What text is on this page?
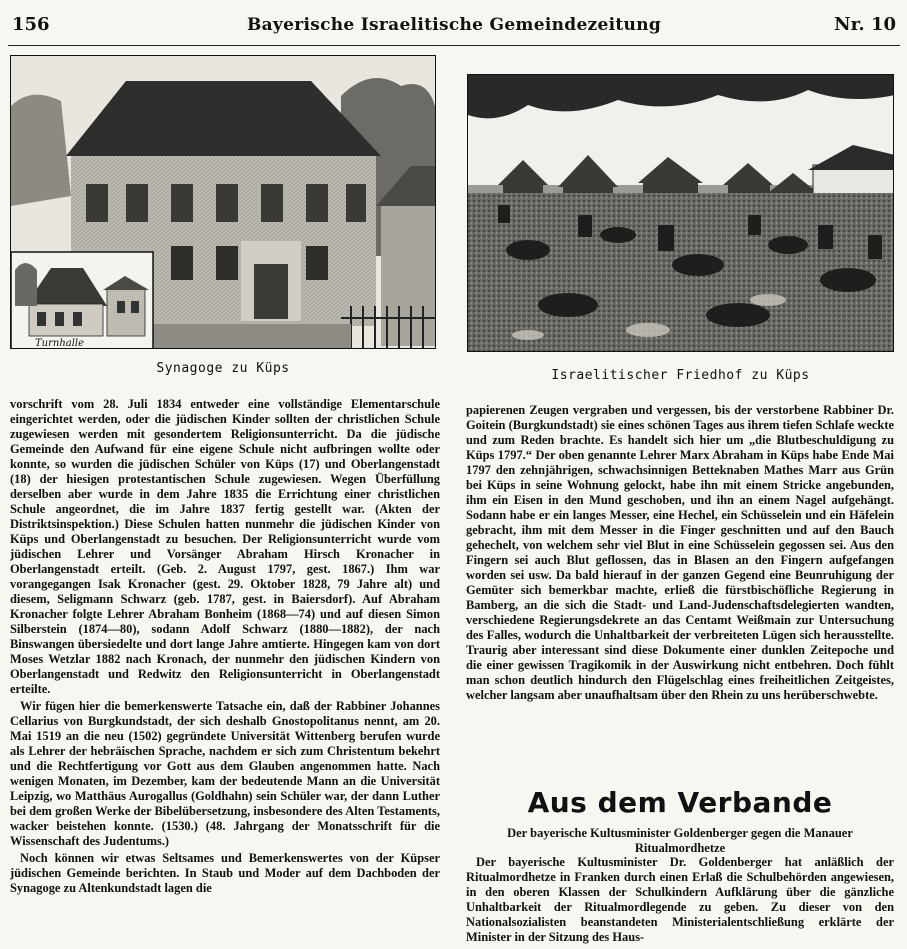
156	Bayerische Israelitische Gemeindezeitung	Nr. 10
Turnhalle
Synagoge zu Küps	Israelitischer Friedhof zu Küps

vorschrift vom 28. Juli 1834 entweder eine vollständige Elementarschule eingerichtet werden, oder die jüdischen Kinder sollten der christlichen Schule zugewiesen werden mit gesondertem Religionsunterricht. Da die jüdische Gemeinde den Aufwand für eine eigene Schule nicht aufbringen wollte oder konnte, so wurden die jüdischen Schüler von Küps (17) und Oberlangenstadt (18) der hiesigen protestantischen Schule zugewiesen. Wegen Überfüllung derselben aber wurde in dem Jahre 1835 die Errichtung einer christlichen Schule angeordnet, die im Jahre 1837 fertig gestellt war. (Akten der Distriktsinspektion.) Diese Schulen hatten nunmehr die jüdischen Kinder von Küps und Oberlangenstadt zu besuchen. Der Religionsunterricht wurde vom jüdischen Lehrer und Vorsänger Abraham Hirsch Kronacher in Oberlangenstadt erteilt. (Geb. 2. August 1797, gest. 1867.) Ihm war vorangegangen Isak Kronacher (gest. 29. Oktober 1828, 79 Jahre alt) und diesem, Seligmann Schwarz (geb. 1787, gest. in Baiersdorf). Auf Abraham Kronacher folgte Lehrer Abraham Bonheim (1868—74) und auf diesen Simon Silberstein (1874—80), sodann Adolf Schwarz (1880—1882), der nach Binswangen übersiedelte und dort lange Jahre amtierte. Hingegen kam von dort Moses Wetzlar 1882 nach Kronach, der nunmehr den jüdischen Kindern von Oberlangenstadt und Redwitz den Religionsunterricht in Oberlangenstadt erteilte.

Wir fügen hier die bemerkenswerte Tatsache ein, daß der Rabbiner Johannes Cellarius von Burgkundstadt, der sich deshalb Gnostopolitanus nennt, am 20. Mai 1519 an die neu (1502) gegründete Universität Wittenberg berufen wurde als Lehrer der hebräischen Sprache, nachdem er sich zum Christentum bekehrt und die Rechtfertigung vor Gott aus dem Glauben angenommen hatte. Nach wenigen Monaten, im Dezember, kam der bedeutende Mann an die Universität Leipzig, wo Matthäus Aurogallus (Goldhahn) sein Schüler war, der dann Luther bei dem großen Werke der Bibelübersetzung, insbesondere des Alten Testaments, wacker beistehen konnte. (1530.) (48. Jahrgang der Monatsschrift für die Wissenschaft des Judentums.)

Noch können wir etwas Seltsames und Bemerkenswertes von der Küpser jüdischen Gemeinde berichten. In Staub und Moder auf dem Dachboden der Synagoge zu Altenkundstadt lagen die

papierenen Zeugen vergraben und vergessen, bis der verstorbene Rabbiner Dr. Goitein (Burgkundstadt) sie eines schönen Tages aus ihrem tiefen Schlafe weckte und zum Reden brachte. Es handelt sich hier um „die Blutbeschuldigung zu Küps 1797.“ Der oben genannte Lehrer Marx Abraham in Küps habe Ende Mai 1797 den zehnjährigen, schwachsinnigen Betteknaben Mathes Marr aus Grün bei Küps in seine Wohnung gelockt, habe ihn mit einem Stricke angebunden, ihm ein Eisen in den Mund geschoben, und ihn an einem Nagel aufgehängt. Sodann habe er ein langes Messer, eine Hechel, ein Schüsselein und ein Häfelein gebracht, ihm mit dem Messer in die Finger geschnitten und auf den Bauch gehechelt, von welchem sehr viel Blut in eine Schüsselein gegossen sei. Aus den Fingern sei auch Blut geflossen, das in Blasen an den Fingern aufgefangen worden sei usw. Da bald hierauf in der ganzen Gegend eine Beunruhigung der Gemüter sich bemerkbar machte, erließ die fürstbischöfliche Regierung in Bamberg, an die sich die Stadt- und Land-Judenschaftsdelegierten wandten, verschiedene Regierungsdekrete an das Centamt Weißmain zur Untersuchung des Falles, wodurch die Unhaltbarkeit der verbreiteten Lügen sich herausstellte. Traurig aber interessant sind diese Dokumente einer dunklen Zeitepoche und die einer gewissen Tragikomik in der Auswirkung nicht entbehren. Doch fühlt man schon deutlich hindurch den Flügelschlag eines freiheitlichen Zeitgeistes, welcher langsam aber unaufhaltsam über den Rhein zu uns herüberschwebte.

Aus dem Verbande
Der bayerische Kultusminister Goldenberger gegen die Manauer Ritualmordhetze

Der bayerische Kultusminister Dr. Goldenberger hat anläßlich der Ritualmordhetze in Franken durch einen Erlaß die Schulbehörden angewiesen, in den oberen Klassen der Schulkindern Aufklärung über die gänzliche Unhaltbarkeit der Ritualmordlegende zu geben. Zu dieser von den Nationalsozialisten beanstandeten Ministerialentschließung erklärte der Minister in der Sitzung des Haus-
